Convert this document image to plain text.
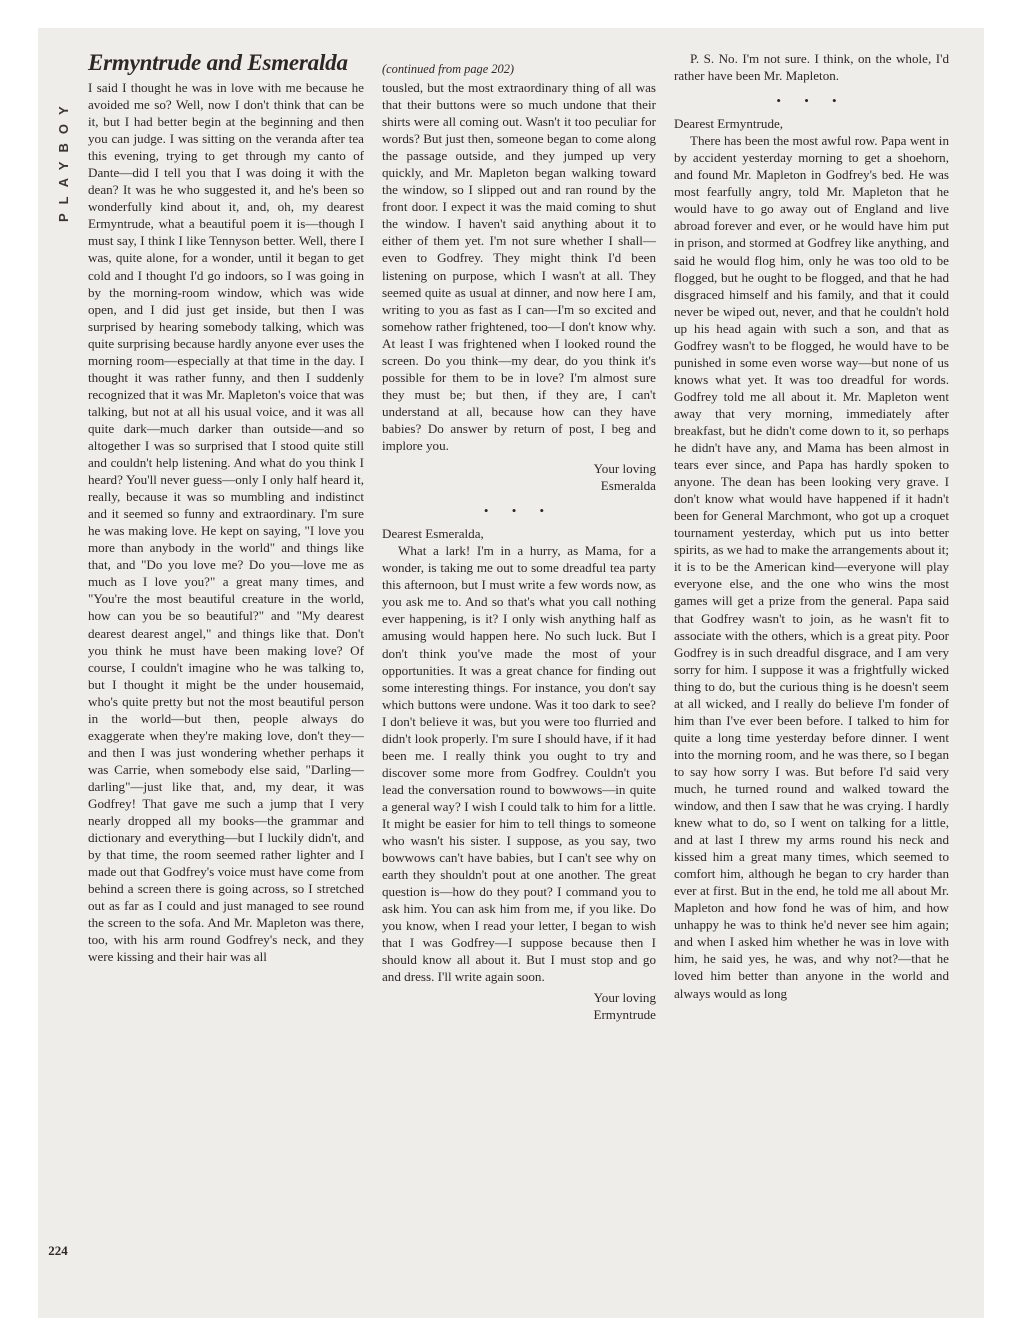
PLAYBOY
224
Ermyntrude and Esmeralda

I said I thought he was in love with me because he avoided me so? Well, now I don't think that can be it, but I had better begin at the beginning and then you can judge. I was sitting on the veranda after tea this evening, trying to get through my canto of Dante—did I tell you that I was doing it with the dean? It was he who suggested it, and he's been so wonderfully kind about it, and, oh, my dearest Ermyntrude, what a beautiful poem it is—though I must say, I think I like Tennyson better. Well, there I was, quite alone, for a wonder, until it began to get cold and I thought I'd go indoors, so I was going in by the morning-room window, which was wide open, and I did just get inside, but then I was surprised by hearing somebody talking, which was quite surprising because hardly anyone ever uses the morning room—especially at that time in the day. I thought it was rather funny, and then I suddenly recognized that it was Mr. Mapleton's voice that was talking, but not at all his usual voice, and it was all quite dark—much darker than outside—and so altogether I was so surprised that I stood quite still and couldn't help listening. And what do you think I heard? You'll never guess—only I only half heard it, really, because it was so mumbling and indistinct and it seemed so funny and extraordinary. I'm sure he was making love. He kept on saying, "I love you more than anybody in the world" and things like that, and "Do you love me? Do you—love me as much as I love you?" a great many times, and "You're the most beautiful creature in the world, how can you be so beautiful?" and "My dearest dearest dearest angel," and things like that. Don't you think he must have been making love? Of course, I couldn't imagine who he was talking to, but I thought it might be the under housemaid, who's quite pretty but not the most beautiful person in the world—but then, people always do exaggerate when they're making love, don't they—and then I was just wondering whether perhaps it was Carrie, when somebody else said, "Darling—darling"—just like that, and, my dear, it was Godfrey! That gave me such a jump that I very nearly dropped all my books—the grammar and dictionary and everything—but I luckily didn't, and by that time, the room seemed rather lighter and I made out that Godfrey's voice must have come from behind a screen there is going across, so I stretched out as far as I could and just managed to see round the screen to the sofa. And Mr. Mapleton was there, too, with his arm round Godfrey's neck, and they were kissing and their hair was all

(continued from page 202)

tousled, but the most extraordinary thing of all was that their buttons were so much undone that their shirts were all coming out. Wasn't it too peculiar for words? But just then, someone began to come along the passage outside, and they jumped up very quickly, and Mr. Mapleton began walking toward the window, so I slipped out and ran round by the front door. I expect it was the maid coming to shut the window. I haven't said anything about it to either of them yet. I'm not sure whether I shall—even to Godfrey. They might think I'd been listening on purpose, which I wasn't at all. They seemed quite as usual at dinner, and now here I am, writing to you as fast as I can—I'm so excited and somehow rather frightened, too—I don't know why. At least I was frightened when I looked round the screen. Do you think—my dear, do you think it's possible for them to be in love? I'm almost sure they must be; but then, if they are, I can't understand at all, because how can they have babies? Do answer by return of post, I beg and implore you.

Your loving

Esmeralda

• • •

Dearest Esmeralda,

What a lark! I'm in a hurry, as Mama, for a wonder, is taking me out to some dreadful tea party this afternoon, but I must write a few words now, as you ask me to. And so that's what you call nothing ever happening, is it? I only wish anything half as amusing would happen here. No such luck. But I don't think you've made the most of your opportunities. It was a great chance for finding out some interesting things. For instance, you don't say which buttons were undone. Was it too dark to see? I don't believe it was, but you were too flurried and didn't look properly. I'm sure I should have, if it had been me. I really think you ought to try and discover some more from Godfrey. Couldn't you lead the conversation round to bowwows—in quite a general way? I wish I could talk to him for a little. It might be easier for him to tell things to someone who wasn't his sister. I suppose, as you say, two bowwows can't have babies, but I can't see why on earth they shouldn't pout at one another. The great question is—how do they pout? I command you to ask him. You can ask him from me, if you like. Do you know, when I read your letter, I began to wish that I was Godfrey—I suppose because then I should know all about it. But I must stop and go and dress. I'll write again soon.

Your loving

Ermyntrude

P. S. No. I'm not sure. I think, on the whole, I'd rather have been Mr. Mapleton.

• • •

Dearest Ermyntrude,

There has been the most awful row. Papa went in by accident yesterday morning to get a shoehorn, and found Mr. Mapleton in Godfrey's bed. He was most fearfully angry, told Mr. Mapleton that he would have to go away out of England and live abroad forever and ever, or he would have him put in prison, and stormed at Godfrey like anything, and said he would flog him, only he was too old to be flogged, but he ought to be flogged, and that he had disgraced himself and his family, and that it could never be wiped out, never, and that he couldn't hold up his head again with such a son, and that as Godfrey wasn't to be flogged, he would have to be punished in some even worse way—but none of us knows what yet. It was too dreadful for words. Godfrey told me all about it. Mr. Mapleton went away that very morning, immediately after breakfast, but he didn't come down to it, so perhaps he didn't have any, and Mama has been almost in tears ever since, and Papa has hardly spoken to anyone. The dean has been looking very grave. I don't know what would have happened if it hadn't been for General Marchmont, who got up a croquet tournament yesterday, which put us into better spirits, as we had to make the arrangements about it; it is to be the American kind—everyone will play everyone else, and the one who wins the most games will get a prize from the general. Papa said that Godfrey wasn't to join, as he wasn't fit to associate with the others, which is a great pity. Poor Godfrey is in such dreadful disgrace, and I am very sorry for him. I suppose it was a frightfully wicked thing to do, but the curious thing is he doesn't seem at all wicked, and I really do believe I'm fonder of him than I've ever been before. I talked to him for quite a long time yesterday before dinner. I went into the morning room, and he was there, so I began to say how sorry I was. But before I'd said very much, he turned round and walked toward the window, and then I saw that he was crying. I hardly knew what to do, so I went on talking for a little, and at last I threw my arms round his neck and kissed him a great many times, which seemed to comfort him, although he began to cry harder than ever at first. But in the end, he told me all about Mr. Mapleton and how fond he was of him, and how unhappy he was to think he'd never see him again; and when I asked him whether he was in love with him, he said yes, he was, and why not?—that he loved him better than anyone in the world and always would as long
